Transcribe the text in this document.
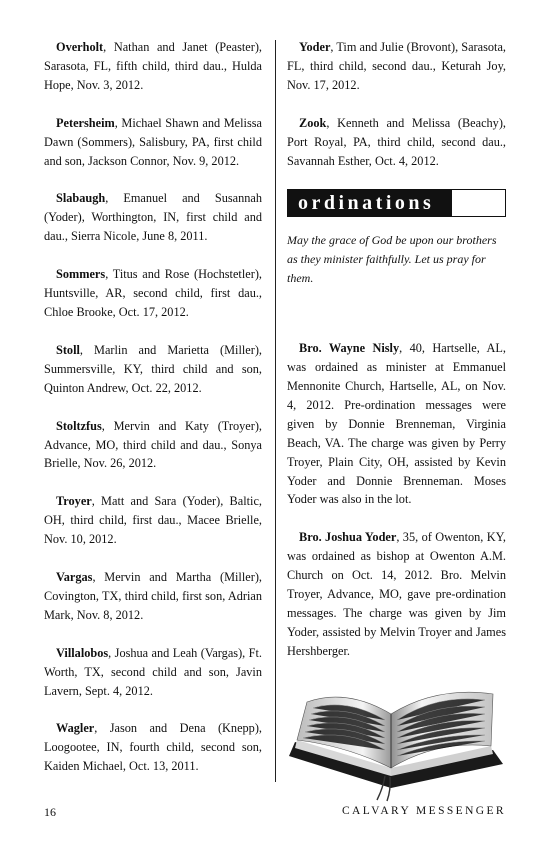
Overholt, Nathan and Janet (Peaster), Sarasota, FL, fifth child, third dau., Hulda Hope, Nov. 3, 2012.

Petersheim, Michael Shawn and Melissa Dawn (Sommers), Salisbury, PA, first child and son, Jackson Connor, Nov. 9, 2012.

Slabaugh, Emanuel and Susannah (Yoder), Worthington, IN, first child and dau., Sierra Nicole, June 8, 2011.

Sommers, Titus and Rose (Hochstetler), Huntsville, AR, second child, first dau., Chloe Brooke, Oct. 17, 2012.

Stoll, Marlin and Marietta (Miller), Summersville, KY, third child and son, Quinton Andrew, Oct. 22, 2012.

Stoltzfus, Mervin and Katy (Troyer), Advance, MO, third child and dau., Sonya Brielle, Nov. 26, 2012.

Troyer, Matt and Sara (Yoder), Baltic, OH, third child, first dau., Macee Brielle, Nov. 10, 2012.

Vargas, Mervin and Martha (Miller), Covington, TX, third child, first son, Adrian Mark, Nov. 8, 2012.

Villalobos, Joshua and Leah (Vargas), Ft. Worth, TX, second child and son, Javin Lavern, Sept. 4, 2012.

Wagler, Jason and Dena (Knepp), Loogootee, IN, fourth child, second son, Kaiden Michael, Oct. 13, 2011.

Yoder, Tim and Julie (Brovont), Sarasota, FL, third child, second dau., Keturah Joy, Nov. 17, 2012.

Zook, Kenneth and Melissa (Beachy), Port Royal, PA, third child, second dau., Savannah Esther, Oct. 4, 2012.

ordinations

May the grace of God be upon our brothers as they minister faithfully. Let us pray for them.

Bro. Wayne Nisly, 40, Hartselle, AL, was ordained as minister at Emmanuel Mennonite Church, Hartselle, AL, on Nov. 4, 2012. Pre-ordination messages were given by Donnie Brenneman, Virginia Beach, VA. The charge was given by Perry Troyer, Plain City, OH, assisted by Kevin Yoder and Donnie Brenneman. Moses Yoder was also in the lot.

Bro. Joshua Yoder, 35, of Owenton, KY, was ordained as bishop at Owenton A.M. Church on Oct. 14, 2012. Bro. Melvin Troyer, Advance, MO, gave pre-ordination messages. The charge was given by Jim Yoder, assisted by Melvin Troyer and James Hershberger.

16	CALVARY MESSENGER
